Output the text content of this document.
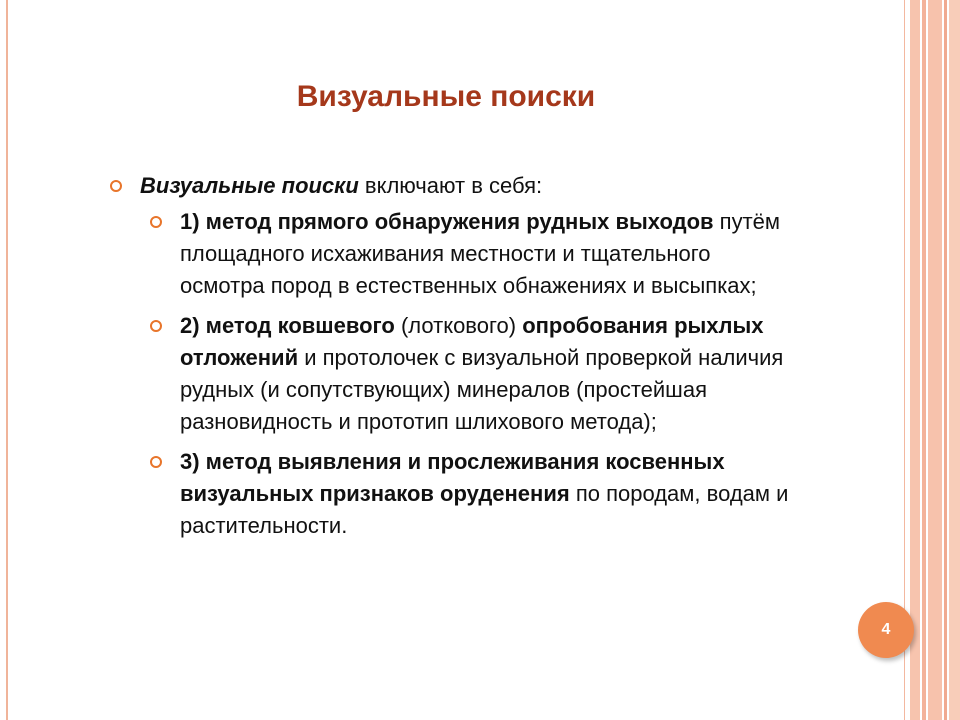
Визуальные поиски
Визуальные поиски включают в себя:
1) метод прямого обнаружения рудных выходов путём площадного исхаживания местности и тщательного осмотра пород в естественных обнажениях и высыпках;
2) метод ковшевого (лоткового) опробования рыхлых отложений и протолочек с визуальной проверкой наличия рудных (и сопутствующих) минералов (простейшая разновидность и прототип шлихового метода);
3) метод выявления и прослеживания косвенных визуальных признаков оруденения по породам, водам и растительности.
4
